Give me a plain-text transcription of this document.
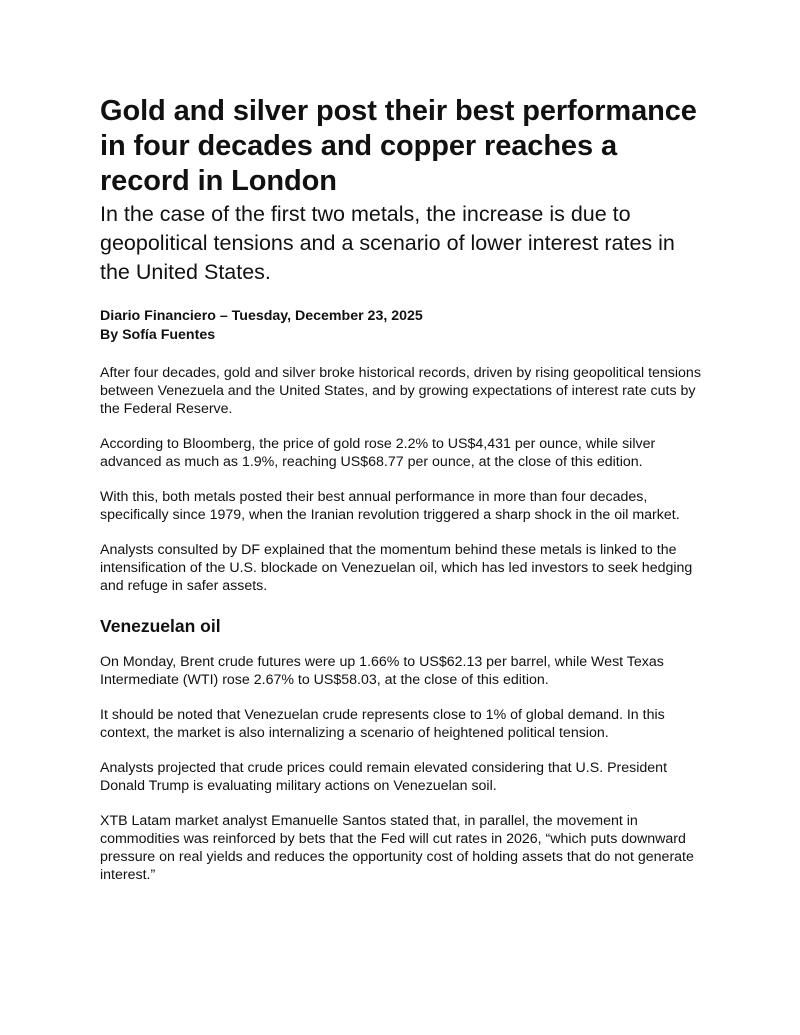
Gold and silver post their best performance in four decades and copper reaches a record in London
In the case of the first two metals, the increase is due to geopolitical tensions and a scenario of lower interest rates in the United States.
Diario Financiero – Tuesday, December 23, 2025
By Sofía Fuentes

After four decades, gold and silver broke historical records, driven by rising geopolitical tensions between Venezuela and the United States, and by growing expectations of interest rate cuts by the Federal Reserve.

According to Bloomberg, the price of gold rose 2.2% to US$4,431 per ounce, while silver advanced as much as 1.9%, reaching US$68.77 per ounce, at the close of this edition.

With this, both metals posted their best annual performance in more than four decades, specifically since 1979, when the Iranian revolution triggered a sharp shock in the oil market.

Analysts consulted by DF explained that the momentum behind these metals is linked to the intensification of the U.S. blockade on Venezuelan oil, which has led investors to seek hedging and refuge in safer assets.

Venezuelan oil

On Monday, Brent crude futures were up 1.66% to US$62.13 per barrel, while West Texas Intermediate (WTI) rose 2.67% to US$58.03, at the close of this edition.

It should be noted that Venezuelan crude represents close to 1% of global demand. In this context, the market is also internalizing a scenario of heightened political tension.

Analysts projected that crude prices could remain elevated considering that U.S. President Donald Trump is evaluating military actions on Venezuelan soil.

XTB Latam market analyst Emanuelle Santos stated that, in parallel, the movement in commodities was reinforced by bets that the Fed will cut rates in 2026, “which puts downward pressure on real yields and reduces the opportunity cost of holding assets that do not generate interest.”
